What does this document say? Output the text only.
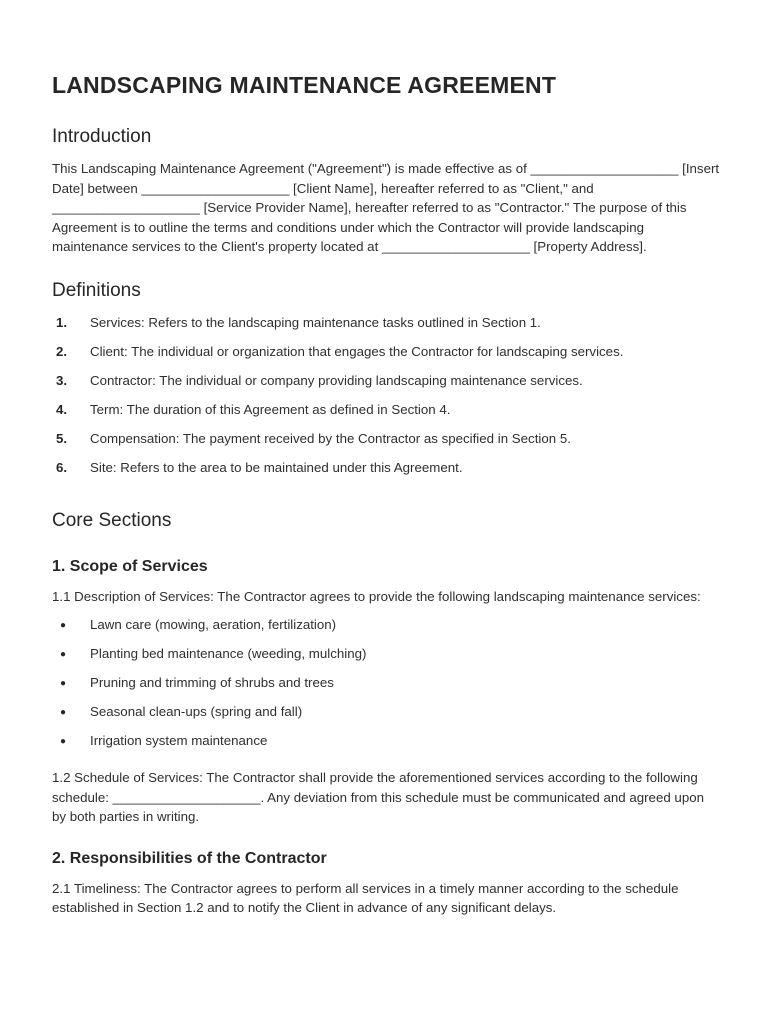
LANDSCAPING MAINTENANCE AGREEMENT
Introduction

This Landscaping Maintenance Agreement ("Agreement") is made effective as of ____________________ [Insert Date] between ____________________ [Client Name], hereafter referred to as "Client," and ____________________ [Service Provider Name], hereafter referred to as "Contractor." The purpose of this Agreement is to outline the terms and conditions under which the Contractor will provide landscaping maintenance services to the Client's property located at ____________________ [Property Address].

Definitions
1.	Services: Refers to the landscaping maintenance tasks outlined in Section 1.
2.	Client: The individual or organization that engages the Contractor for landscaping services.
3.	Contractor: The individual or company providing landscaping maintenance services.
4.	Term: The duration of this Agreement as defined in Section 4.
5.	Compensation: The payment received by the Contractor as specified in Section 5.
6.	Site: Refers to the area to be maintained under this Agreement.
Core Sections
1. Scope of Services

1.1 Description of Services: The Contractor agrees to provide the following landscaping maintenance services:

●	Lawn care (mowing, aeration, fertilization)
●	Planting bed maintenance (weeding, mulching)
●	Pruning and trimming of shrubs and trees
●	Seasonal clean-ups (spring and fall)
●	Irrigation system maintenance

1.2 Schedule of Services: The Contractor shall provide the aforementioned services according to the following schedule: ____________________. Any deviation from this schedule must be communicated and agreed upon by both parties in writing.

2. Responsibilities of the Contractor

2.1 Timeliness: The Contractor agrees to perform all services in a timely manner according to the schedule established in Section 1.2 and to notify the Client in advance of any significant delays.
